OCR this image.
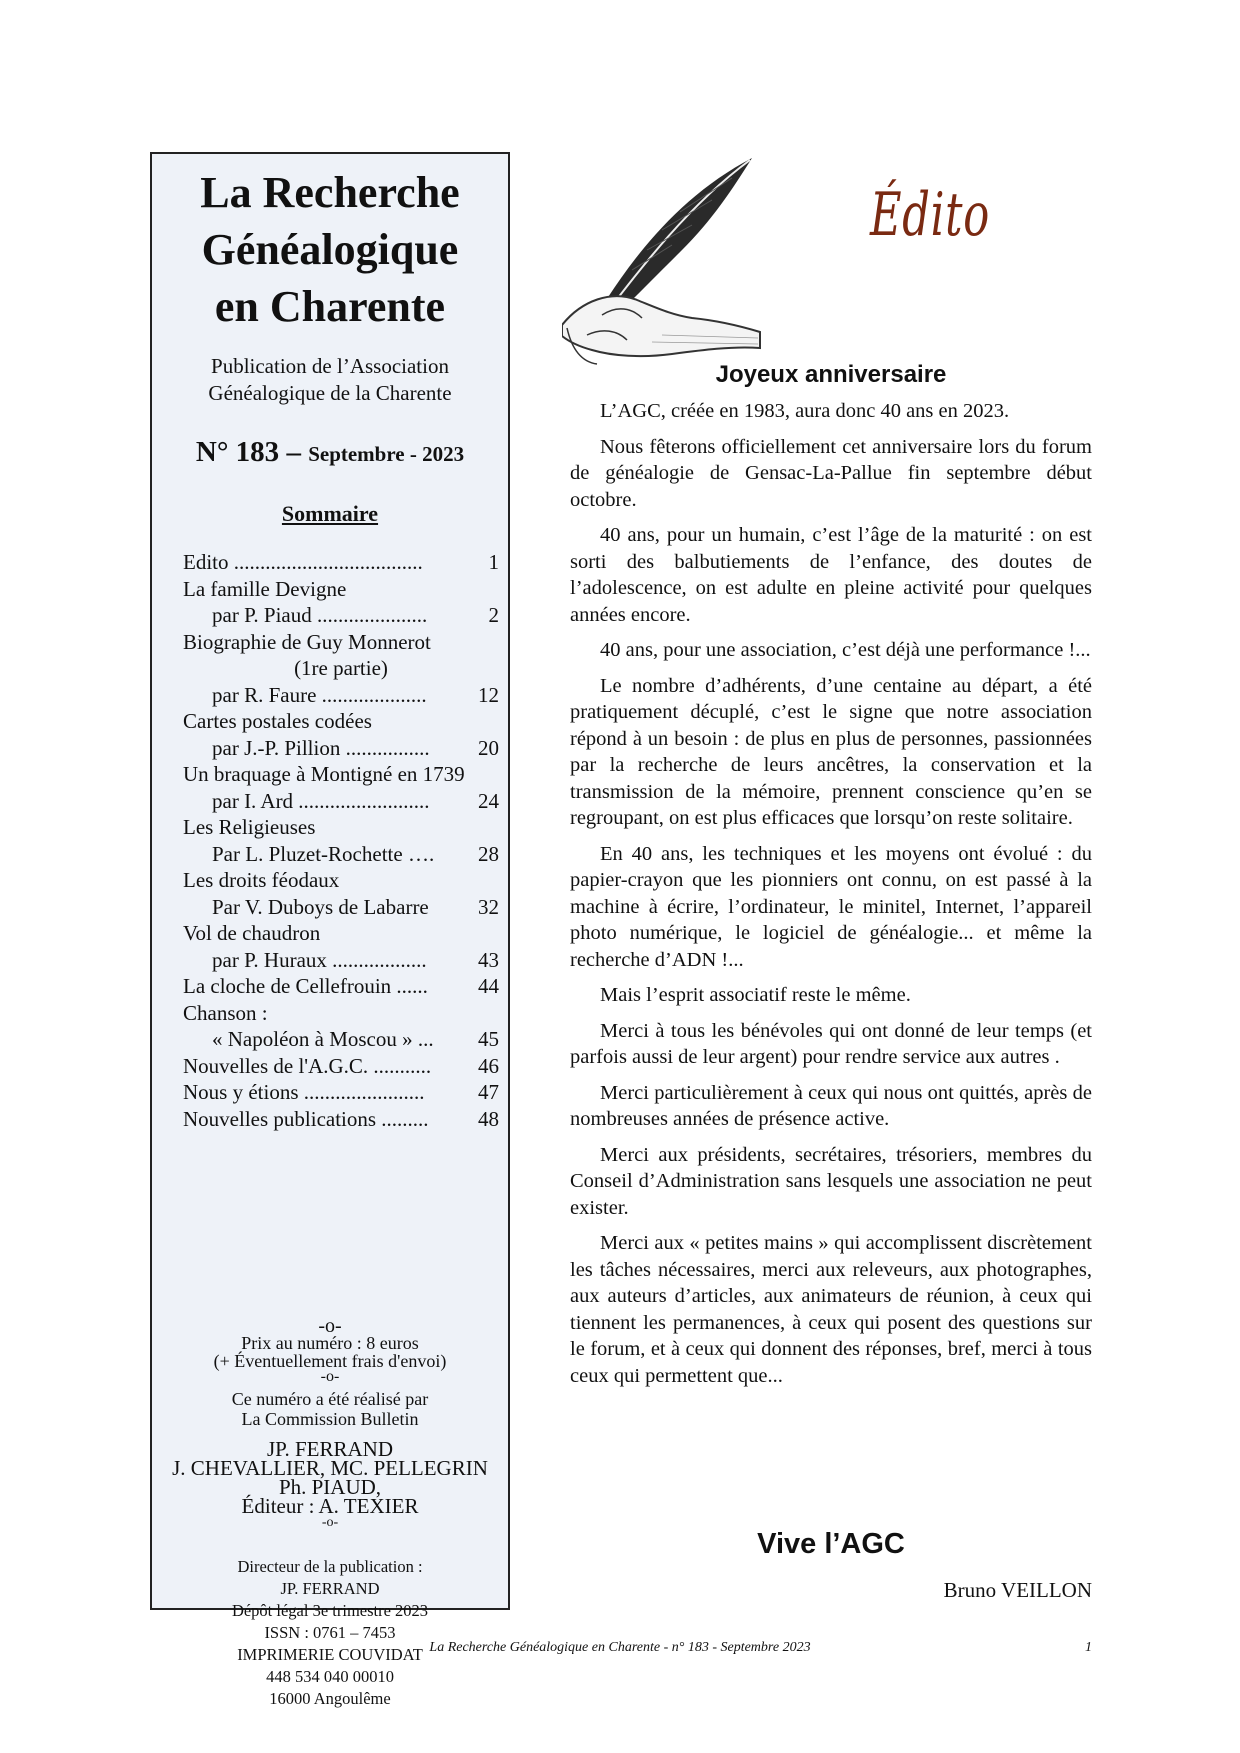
La Recherche
Généalogique
en Charente
Publication de l’Association
Généalogique de la Charente
N° 183 – Septembre - 2023
Sommaire
Edito ....................................	1
La famille Devigne
par P. Piaud .....................	2
Biographie de Guy Monnerot
(1re partie)
par R. Faure .................... 12
Cartes postales codées
par J.-P. Pillion ................ 20
Un braquage à Montigné en 1739
par I. Ard ......................... 24
Les Religieuses
Par L. Pluzet-Rochette …. 28
Les droits féodaux
Par V. Duboys de Labarre 32
Vol de chaudron
par P. Huraux .................. 43
La cloche de Cellefrouin ...... 44
Chanson :
« Napoléon à Moscou » ... 45
Nouvelles de l'A.G.C. ........... 46
Nous y étions .......................	47
Nouvelles publications ......... 48
-o-
Prix au numéro : 8 euros
(+ Éventuellement frais d'envoi)
-o-
Ce numéro a été réalisé par
La Commission Bulletin
JP. FERRAND
J. CHEVALLIER, MC. PELLEGRIN
Ph. PIAUD,
Éditeur : A. TEXIER
-o-
Directeur de la publication :
JP. FERRAND
Dépôt légal 3e trimestre 2023
ISSN : 0761 – 7453
IMPRIMERIE COUVIDAT
448 534 040 00010
16000 Angoulême
Édito
Joyeux anniversaire

L’AGC, créée en 1983, aura donc 40 ans en 2023.

Nous fêterons officiellement cet anniversaire lors du forum de généalogie de Gensac-La-Pallue fin septembre début octobre.

40 ans, pour un humain, c’est l’âge de la maturité : on est sorti des balbutiements de l’enfance, des doutes de l’adolescence, on est adulte en pleine activité pour quelques années encore.

40 ans, pour une association, c’est déjà une performance !...

Le nombre d’adhérents, d’une centaine au départ, a été pratiquement décuplé, c’est le signe que notre association répond à un besoin : de plus en plus de personnes, passionnées par la recherche de leurs ancêtres, la conservation et la transmission de la mémoire, prennent conscience qu’en se regroupant, on est plus efficaces que lorsqu’on reste solitaire.

En 40 ans, les techniques et les moyens ont évolué : du papier-crayon que les pionniers ont connu, on est passé à la machine à écrire, l’ordinateur, le minitel, Internet, l’appareil photo numérique, le logiciel de généalogie... et même la recherche d’ADN !...

Mais l’esprit associatif reste le même.

Merci à tous les bénévoles qui ont donné de leur temps (et parfois aussi de leur argent) pour rendre service aux autres .

Merci particulièrement à ceux qui nous ont quittés, après de nombreuses années de présence active.

Merci aux présidents, secrétaires, trésoriers, membres du Conseil d’Administration sans lesquels une association ne peut exister.

Merci aux « petites mains » qui accomplissent discrètement les tâches nécessaires, merci aux releveurs, aux photographes, aux auteurs d’articles, aux animateurs de réunion, à ceux qui tiennent les permanences, à ceux qui posent des questions sur le forum, et à ceux qui donnent des réponses, bref, merci à tous ceux qui permettent que...

Vive l’AGC
Bruno VEILLON
La Recherche Généalogique en Charente - n° 183 - Septembre 2023	1
